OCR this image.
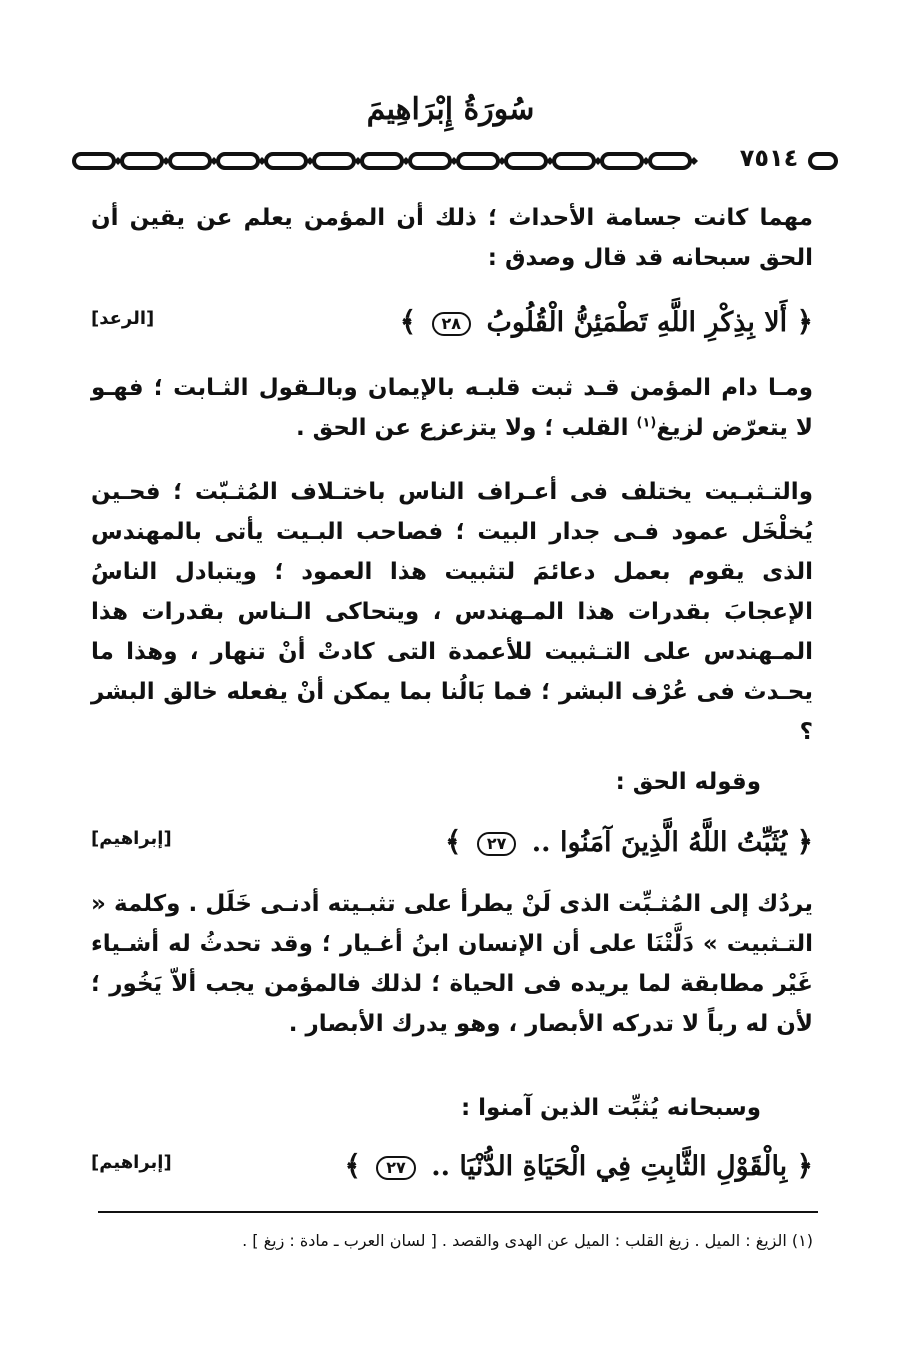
سُورَةُ إِبْرَاهِيمَ
٧٥١٤
مهما كانت جسامة الأحداث ؛ ذلك أن المؤمن يعلم عن يقين أن الحق سبحانه قد قال وصدق :
﴿ أَلا بِذِكْرِ اللَّهِ تَطْمَئِنُّ الْقُلُوبُ ٢٨ ﴾
[الرعد]
ومـا دام المؤمن قـد ثبت قلبـه بالإيمان وبالـقول الثـابت ؛ فهـو لا يتعرّض لزيغ$^{(١)}$ القلب ؛ ولا يتزعزع عن الحق .
والتـثبـيت يختلف فى أعـراف الناس باختـلاف المُثـبّت ؛ فحـين يُخلْخَل عمود فـى جدار البيت ؛ فصاحب البـيت يأتى بالمهندس الذى يقوم بعمل دعائمَ لتثبيت هذا العمود ؛ ويتبادل الناسُ الإعجابَ بقدرات هذا المـهندس ، ويتحاكى الـناس بقدرات هذا المـهندس على التـثبيت للأعمدة التى كادتْ أنْ تنهار ، وهذا ما يحـدث فى عُرْف البشر ؛ فما بَالُنا بما يمكن أنْ يفعله خالق البشر ؟
وقوله الحق :
﴿ يُثَبِّتُ اللَّهُ الَّذِينَ آمَنُوا .. ٢٧ ﴾
[إبراهيم]
يردُك إلى المُثـبِّت الذى لَنْ يطرأ على تثبـيته أدنـى خَلَل . وكلمة « التـثبيت » دَلَّتْنَا على أن الإنسان ابنُ أغـيار ؛ وقد تحدثُ له أشـياء غَيْر مطابقة لما يريده فى الحياة ؛ لذلك فالمؤمن يجب ألاّ يَخُور ؛ لأن له رباً لا تدركه الأبصار ، وهو يدرك الأبصار .
وسبحانه يُثبِّت الذين آمنوا :
﴿ بِالْقَوْلِ الثَّابِتِ فِي الْحَيَاةِ الدُّنْيَا .. ٢٧ ﴾
[إبراهيم]
(١) الزيغ : الميل . زيغ القلب : الميل عن الهدى والقصد . [ لسان العرب ـ مادة : زيغ ] .
